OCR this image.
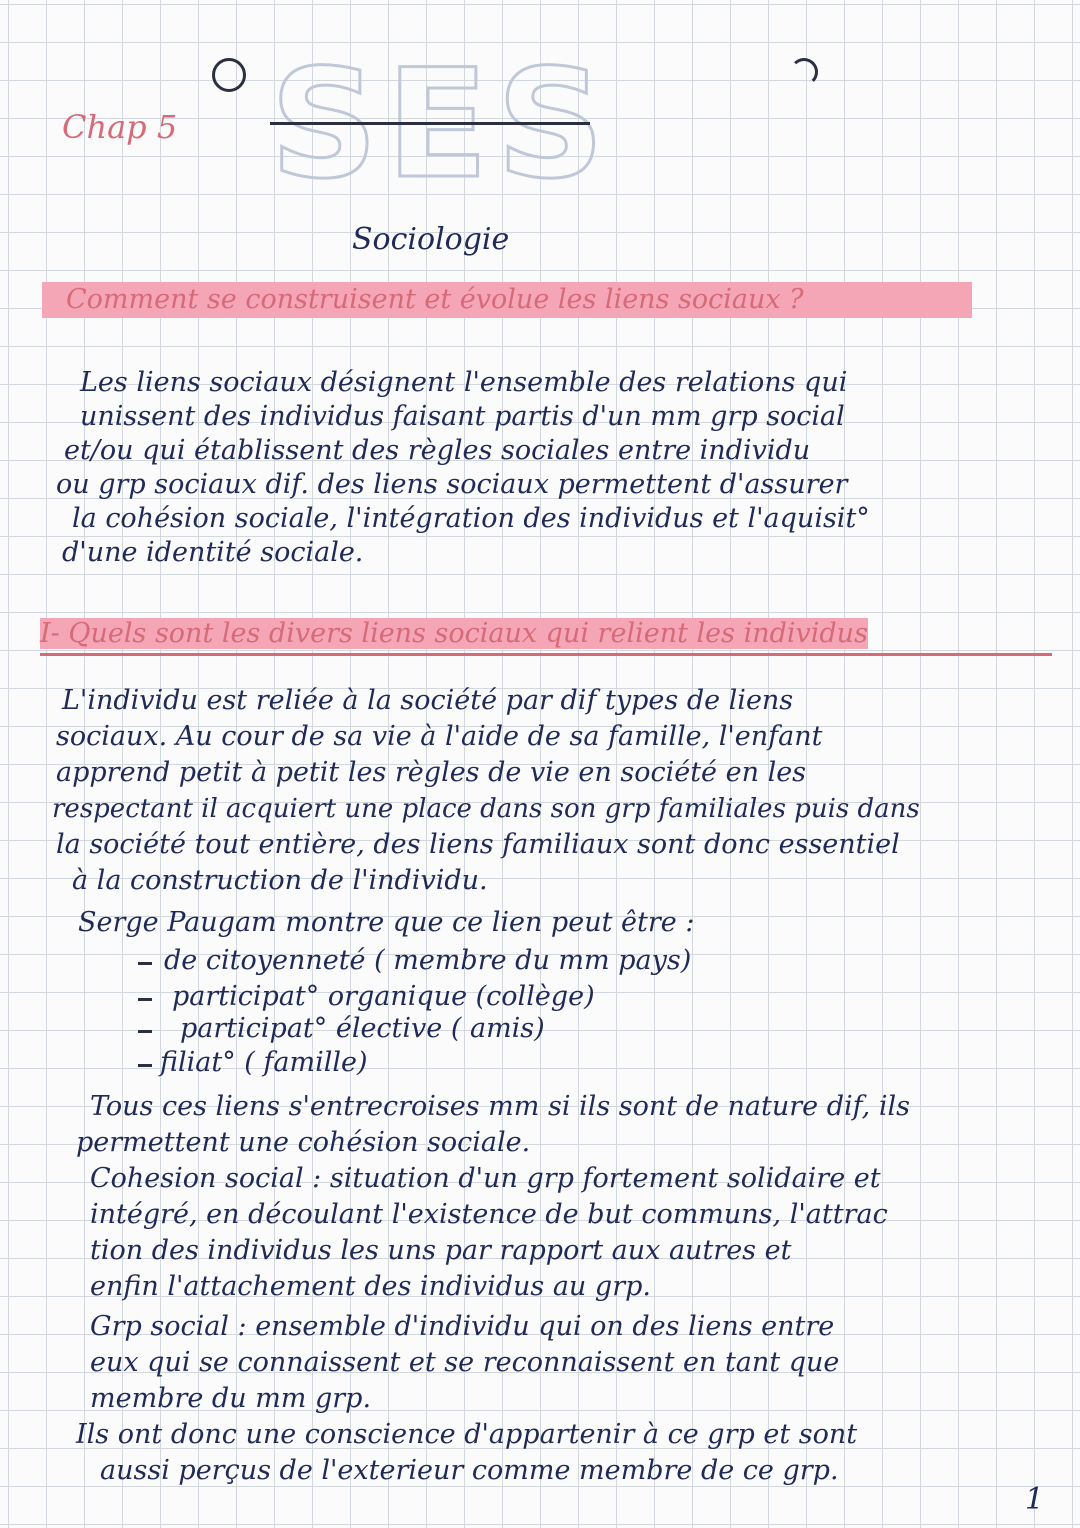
Chap 5 SES
Sociologie
Comment se construisent et évolue les liens sociaux ?
Les liens sociaux désignent l'ensemble des relations qui
unissent des individus faisant partis d'un mm grp social
et/ou qui établissent des règles sociales entre individu
ou grp sociaux dif. des liens sociaux permettent d'assurer
la cohésion sociale, l'intégration des individus et l'aquisit°
d'une identité sociale.
I- Quels sont les divers liens sociaux qui relient les individus
L'individu est reliée à la société par dif types de liens
sociaux. Au cour de sa vie à l'aide de sa famille, l'enfant
apprend petit à petit les règles de vie en société en les
respectant il acquiert une place dans son grp familiales puis dans
la société tout entière, des liens familiaux sont donc essentiel
à la construction de l'individu.
Serge Paugam montre que ce lien peut être :
de citoyenneté ( membre du mm pays)
participat° organique (collège)
participat° élective ( amis)
filiat° ( famille)
Tous ces liens s'entrecroises mm si ils sont de nature dif, ils
permettent une cohésion sociale.
Cohesion social : situation d'un grp fortement solidaire et
intégré, en découlant l'existence de but communs, l'attrac
tion des individus les uns par rapport aux autres et
enfin l'attachement des individus au grp.
Grp social : ensemble d'individu qui on des liens entre
eux qui se connaissent et se reconnaissent en tant que
membre du mm grp.
Ils ont donc une conscience d'appartenir à ce grp et sont
aussi perçus de l'exterieur comme membre de ce grp.
1
